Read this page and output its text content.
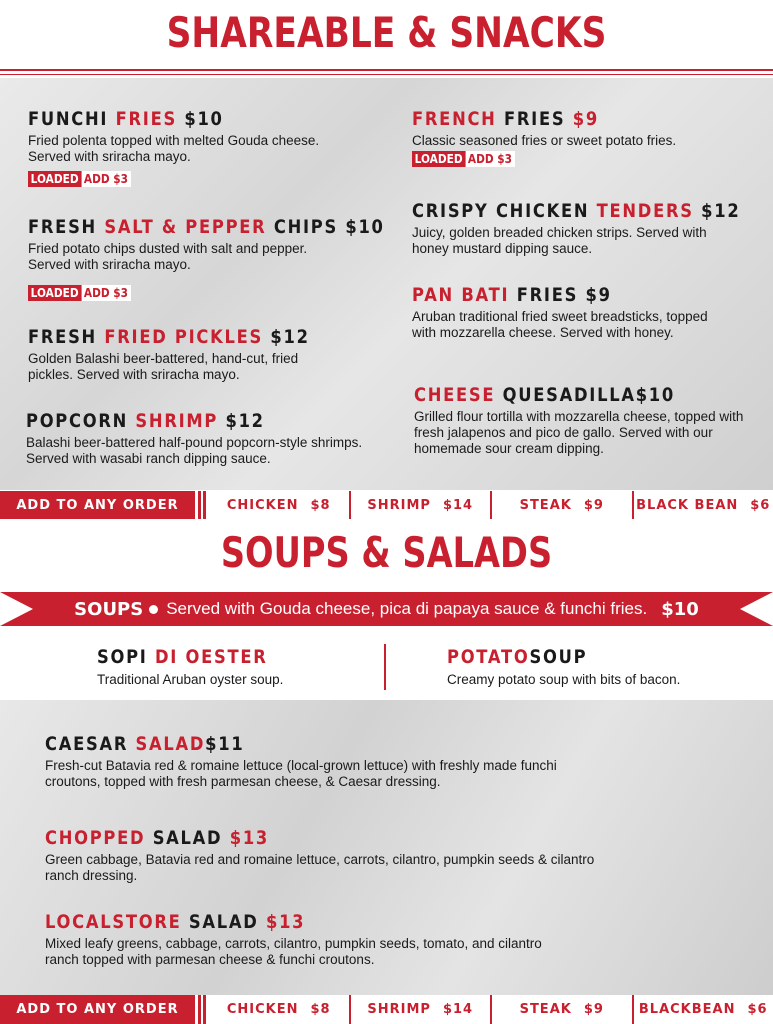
SHAREABLE & SNACKS
FUNCHI FRIES $10
Fried polenta topped with melted Gouda cheese. Served with sriracha mayo.
LOADED ADD $3
FRESH SALT & PEPPER CHIPS $10
Fried potato chips dusted with salt and pepper. Served with sriracha mayo.
LOADED ADD $3
FRESH FRIED PICKLES $12
Golden Balashi beer-battered, hand-cut, fried pickles. Served with sriracha mayo.
POPCORN SHRIMP $12
Balashi beer-battered half-pound popcorn-style shrimps. Served with wasabi ranch dipping sauce.
FRENCH FRIES $9
Classic seasoned fries or sweet potato fries.
LOADED ADD $3
CRISPY CHICKEN TENDERS $12
Juicy, golden breaded chicken strips. Served with honey mustard dipping sauce.
PAN BATI FRIES $9
Aruban traditional fried sweet breadsticks, topped with mozzarella cheese. Served with honey.
CHEESE QUESADILLA$10
Grilled flour tortilla with mozzarella cheese, topped with fresh jalapenos and pico de gallo. Served with our homemade sour cream dipping.
ADD TO ANY ORDER	CHICKEN $8	SHRIMP $14	STEAK $9 BLACK BEAN $6
SOUPS & SALADS
SOUPS Served with Gouda cheese, pica di papaya sauce & funchi fries. $10
SOPI DI OESTER
Traditional Aruban oyster soup.
POTATOSOUP
Creamy potato soup with bits of bacon.
CAESAR SALAD$11
Fresh-cut Batavia red & romaine lettuce (local-grown lettuce) with freshly made funchi croutons, topped with fresh parmesan cheese, & Caesar dressing.
CHOPPED SALAD $13
Green cabbage, Batavia red and romaine lettuce, carrots, cilantro, pumpkin seeds & cilantro ranch dressing.
LOCALSTORE SALAD $13
Mixed leafy greens, cabbage, carrots, cilantro, pumpkin seeds, tomato, and cilantro ranch topped with parmesan cheese & funchi croutons.
ADD TO ANY ORDER	CHICKEN $8	SHRIMP $14	STEAK $9	BLACKBEAN $6
